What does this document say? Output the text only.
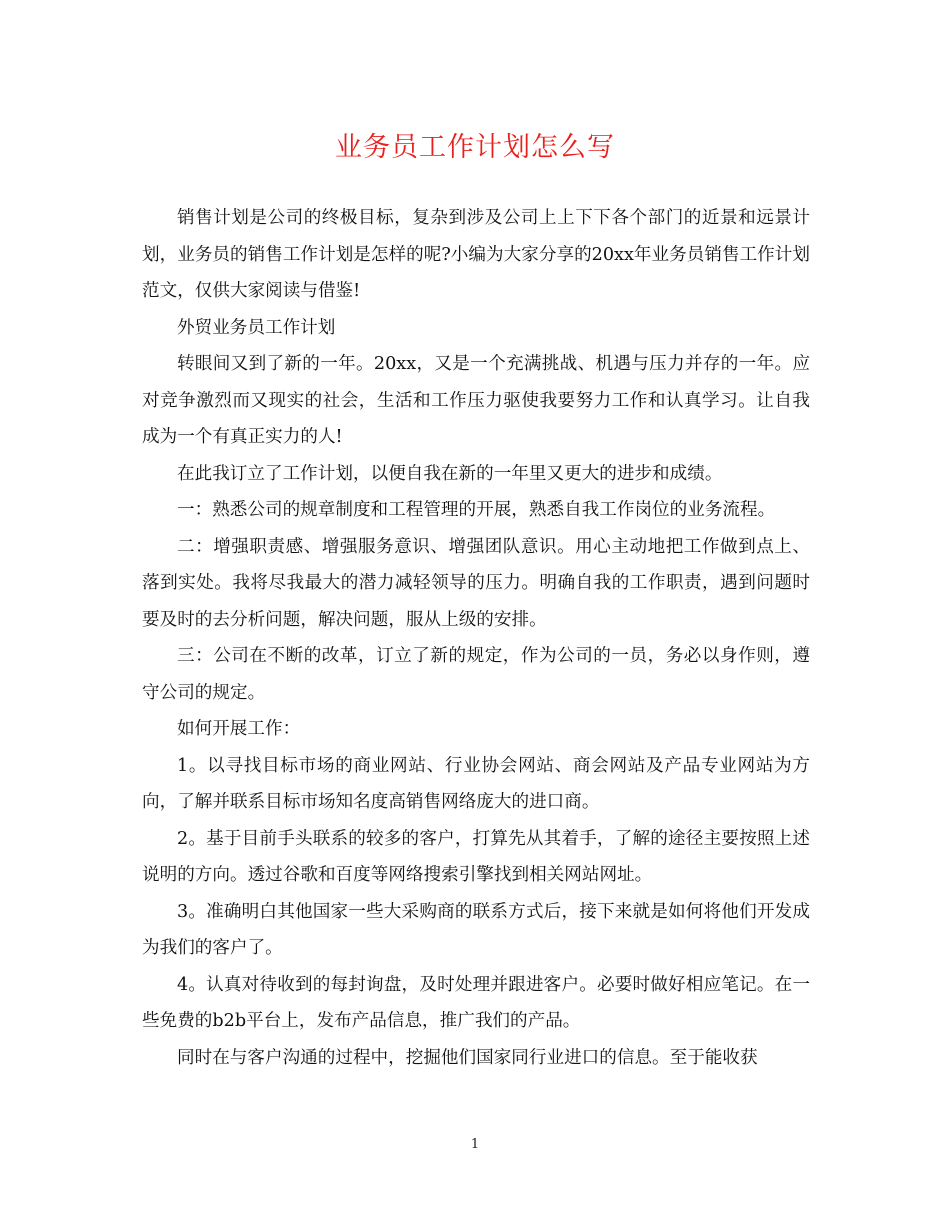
业务员工作计划怎么写

销售计划是公司的终极目标，复杂到涉及公司上上下下各个部门的近景和远景计划，业务员的销售工作计划是怎样的呢?小编为大家分享的20xx年业务员销售工作计划范文，仅供大家阅读与借鉴!

外贸业务员工作计划

转眼间又到了新的一年。20xx，又是一个充满挑战、机遇与压力并存的一年。应对竞争激烈而又现实的社会，生活和工作压力驱使我要努力工作和认真学习。让自我成为一个有真正实力的人!

在此我订立了工作计划，以便自我在新的一年里又更大的进步和成绩。

一：熟悉公司的规章制度和工程管理的开展，熟悉自我工作岗位的业务流程。

二：增强职责感、增强服务意识、增强团队意识。用心主动地把工作做到点上、落到实处。我将尽我最大的潜力减轻领导的压力。明确自我的工作职责，遇到问题时要及时的去分析问题，解决问题，服从上级的安排。

三：公司在不断的改革，订立了新的规定，作为公司的一员，务必以身作则，遵守公司的规定。

如何开展工作：

1。以寻找目标市场的商业网站、行业协会网站、商会网站及产品专业网站为方向，了解并联系目标市场知名度高销售网络庞大的进口商。

2。基于目前手头联系的较多的客户，打算先从其着手，了解的途径主要按照上述说明的方向。透过谷歌和百度等网络搜索引擎找到相关网站网址。

3。准确明白其他国家一些大采购商的联系方式后，接下来就是如何将他们开发成为我们的客户了。

4。认真对待收到的每封询盘，及时处理并跟进客户。必要时做好相应笔记。在一些免费的b2b平台上，发布产品信息，推广我们的产品。

同时在与客户沟通的过程中，挖掘他们国家同行业进口的信息。至于能收获

1
